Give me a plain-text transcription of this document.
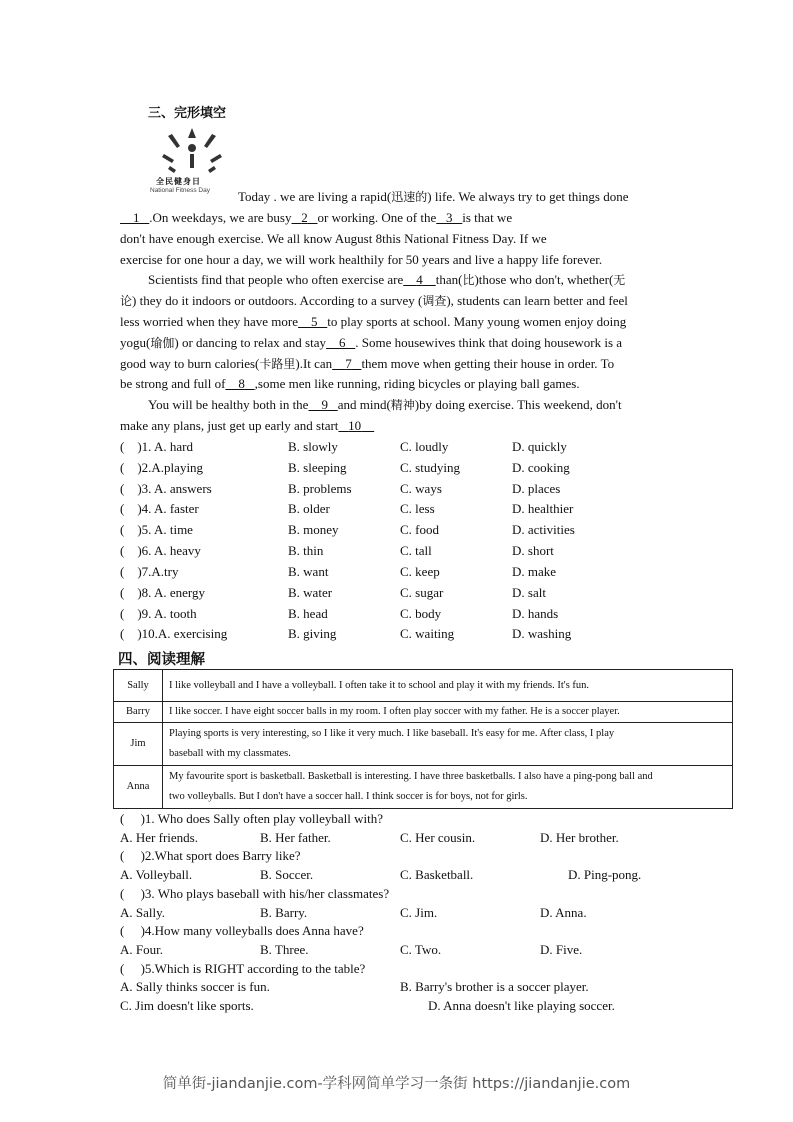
三、完形填空
全民健身日
National Fitness Day Today . we are living a rapid(迅速的) life. We always try to get things done
1 .On weekdays, we are busy 2 or working. One of the 3 is that we
don't have enough exercise. We all know August 8this National Fitness Day. If we
exercise for one hour a day, we will work healthily for 50 years and live a happy life forever.
Scientists find that people who often exercise are 4 than(比)those who don't, whether(无
论) they do it indoors or outdoors. According to a survey (调查), students can learn better and feel
less worried when they have more 5 to play sports at school. Many young women enjoy doing
yogu(瑜伽) or dancing to relax and stay 6 . Some housewives think that doing housework is a
good way to burn calories(卡路里).It can 7 them move when getting their house in order. To
be strong and full of 8 ,some men like running, riding bicycles or playing ball games.
You will be healthy both in the 9 and mind(精神)by doing exercise. This weekend, don't
make any plans, just get up early and start 10
( )1. A. hard	B. slowly	C. loudly	D. quickly
( )2.A.playing	B. sleeping	C. studying	D. cooking
( )3. A. answers	B. problems	C. ways	D. places
( )4. A. faster	B. older	C. less	D. healthier
( )5. A. time	B. money	C. food	D. activities
( )6. A. heavy	B. thin	C. tall	D. short
( )7.A.try	B. want	C. keep	D. make
( )8. A. energy	B. water	C. sugar	D. salt
( )9. A. tooth	B. head	C. body	D. hands
( )10.A. exercising	B. giving	C. waiting	D. washing
四、阅读理解
Sally	I like volleyball and I have a volleyball. I often take it to school and play it with my friends. It's fun.
Barry	I like soccer. I have eight soccer balls in my room. I often play soccer with my father. He is a soccer player.
Jim	Playing sports is very interesting, so I like it very much. I like baseball. It's easy for me. After class, I play
baseball with my classmates.

Anna	My favourite sport is basketball. Basketball is interesting. I have three basketballs. I also have a ping-pong ball and
two volleyballs. But I don't have a soccer hall. I think soccer is for boys, not for girls.
( )1. Who does Sally often play volleyball with?
A. Her friends.	B. Her father.	C. Her cousin.	D. Her brother.
( )2.What sport does Barry like?
A. Volleyball.	B. Soccer.	C. Basketball.	D. Ping-pong.
( )3. Who plays baseball with his/her classmates?
A. Sally.	B. Barry.	C. Jim.	D. Anna.
( )4.How many volleyballs does Anna have?
A. Four.	B. Three.	C. Two.	D. Five.
( )5.Which is RIGHT according to the table?
A. Sally thinks soccer is fun.	B. Barry's brother is a soccer player.
C. Jim doesn't like sports.	D. Anna doesn't like playing soccer.
简单街-jiandanjie.com-学科网简单学习一条街 https://jiandanjie.com
